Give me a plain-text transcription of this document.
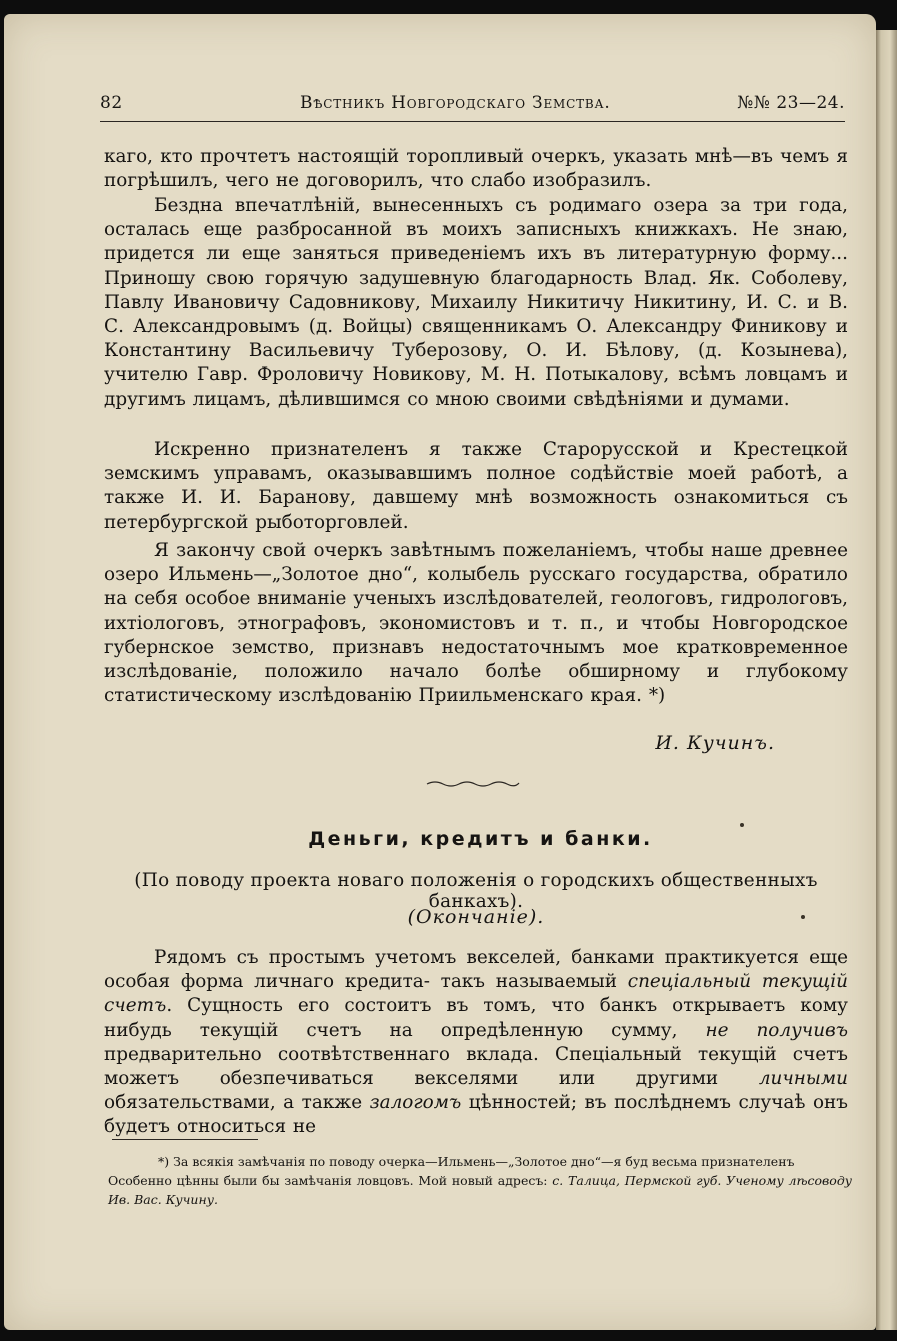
82	Вѣстникъ Новгородскаго Земства.	№№ 23—24.

каго, кто прочтетъ настоящій торопливый очеркъ, указать мнѣ—въ чемъ я погрѣшилъ, чего не договорилъ, что слабо изобразилъ.

Бездна впечатлѣній, вынесенныхъ съ родимаго озера за три года, осталась еще разбросанной въ моихъ записныхъ книжкахъ. Не знаю, придется ли еще заняться приведеніемъ ихъ въ литературную форму... Приношу свою горячую задушевную благодарность Влад. Як. Соболеву, Павлу Ивановичу Садовникову, Михаилу Никитичу Никитину, И. С. и В. С. Александровымъ (д. Войцы) священникамъ О. Александру Финикову и Константину Васильевичу Туберозову, О. И. Бѣлову, (д. Козынева), учителю Гавр. Фроловичу Новикову, М. Н. Потыкалову, всѣмъ ловцамъ и другимъ лицамъ, дѣлившимся со мною своими свѣдѣніями и думами.

Искренно признателенъ я также Старорусской и Крестецкой земскимъ управамъ, оказывавшимъ полное содѣйствіе моей работѣ, а также И. И. Баранову, давшему мнѣ возможность ознакомиться съ петербургской рыботорговлей.

Я закончу свой очеркъ завѣтнымъ пожеланіемъ, чтобы наше древнее озеро Ильмень—„Золотое дно“, колыбель русскаго государства, обратило на себя особое вниманіе ученыхъ изслѣдователей, геологовъ, гидрологовъ, ихтіологовъ, этнографовъ, экономистовъ и т. п., и чтобы Новгородское губернское земство, признавъ недостаточнымъ мое кратковременное изслѣдованіе, положило начало болѣе обширному и глубокому статистическому изслѣдованію Приильменскаго края. *)

И. Кучинъ.
Деньги, кредитъ и банки.
(По поводу проекта новаго положенія о городскихъ общественныхъ банкахъ).
(Окончаніе).

Рядомъ съ простымъ учетомъ векселей, банками практикуется еще особая форма личнаго кредита- такъ называемый спеціальный текущій счетъ. Сущность его состоитъ въ томъ, что банкъ открываетъ кому нибудь текущій счетъ на опредѣленную сумму, не получивъ предварительно соотвѣтственнаго вклада. Спеціальный текущій счетъ можетъ обезпечиваться векселями или другими личными обязательствами, а также залогомъ цѣнностей; въ послѣднемъ случаѣ онъ будетъ относиться не

*) За всякія замѣчанія по поводу очерка—Ильмень—„Золотое дно“—я буд весьма признателенъ
Особенно цѣнны были бы замѣчанія ловцовъ. Мой новый адресъ: с. Талица, Пермской губ. Ученому лѣсоводу Ив. Вас. Кучину.
